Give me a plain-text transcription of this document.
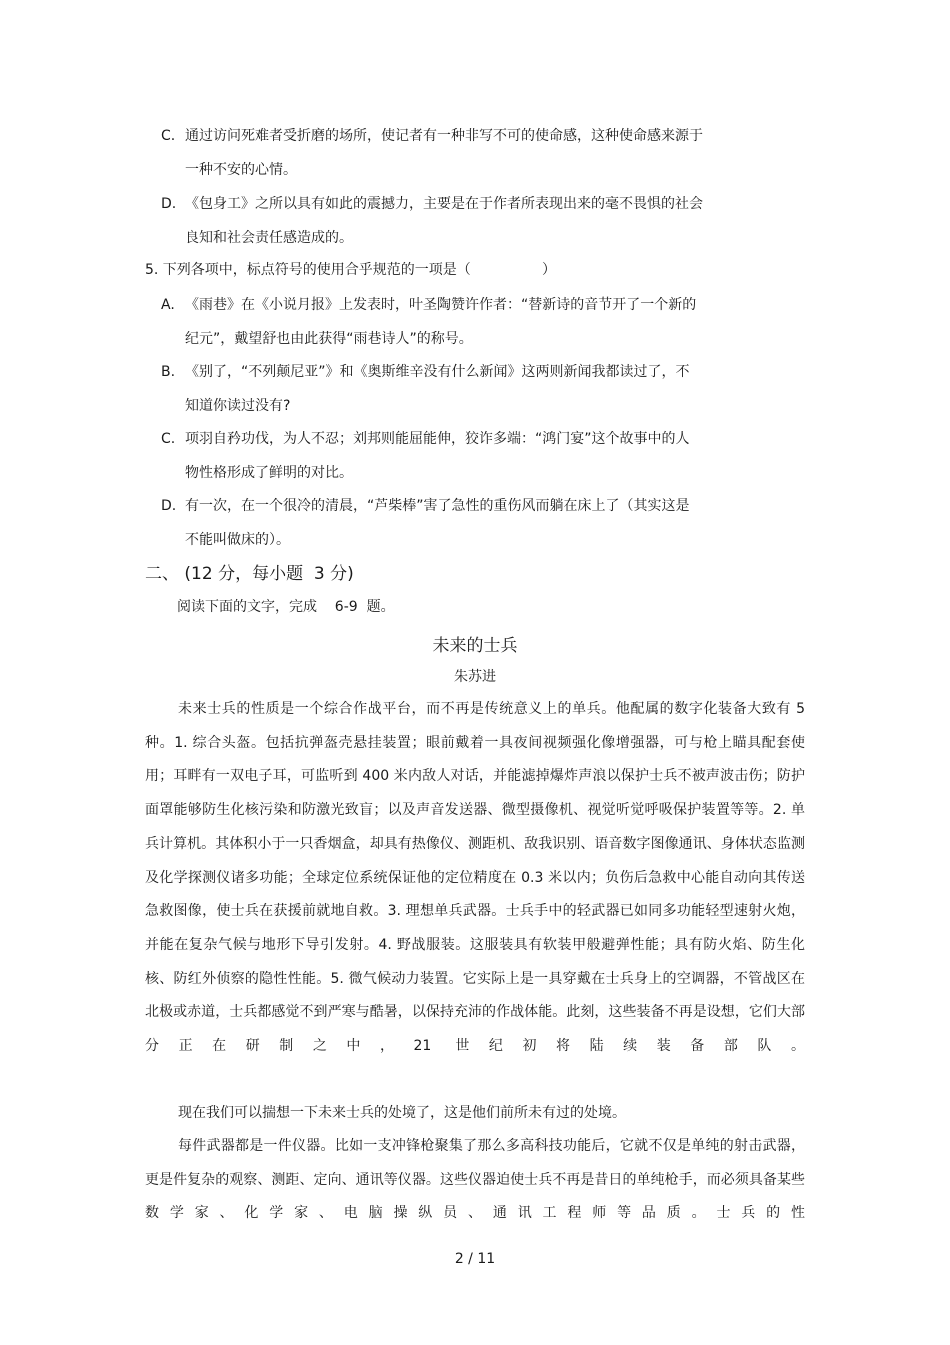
C. 通过访问死难者受折磨的场所，使记者有一种非写不可的使命感，这种使命感来源于
一种不安的心情。
D. 《包身工》之所以具有如此的震撼力，主要是在于作者所表现出来的毫不畏惧的社会
良知和社会责任感造成的。
5. 下列各项中，标点符号的使用合乎规范的一项是（                ）
A. 《雨巷》在《小说月报》上发表时，叶圣陶赞许作者：“替新诗的音节开了一个新的
纪元”，戴望舒也由此获得“雨巷诗人”的称号。
B. 《别了，“不列颠尼亚”》和《奥斯维辛没有什么新闻》这两则新闻我都读过了，不
知道你读过没有?
C. 项羽自矜功伐，为人不忍；刘邦则能屈能伸，狡诈多端：“鸿门宴”这个故事中的人
物性格形成了鲜明的对比。
D. 有一次，在一个很冷的清晨，“芦柴棒”害了急性的重伤风而躺在床上了（其实这是
不能叫做床的）。
二、 (12 分，每小题  3 分)
阅读下面的文字，完成    6-9  题。
未来的士兵
朱苏进
未来士兵的性质是一个综合作战平台，而不再是传统意义上的单兵。他配属的数字化装备大致有 5 种。1. 综合头盔。包括抗弹盔壳悬挂装置；眼前戴着一具夜间视频强化像增强器，可与枪上瞄具配套使用；耳畔有一双电子耳，可监听到 400 米内敌人对话，并能滤掉爆炸声浪以保护士兵不被声波击伤；防护面罩能够防生化核污染和防激光致盲；以及声音发送器、微型摄像机、视觉听觉呼吸保护装置等等。2. 单兵计算机。其体积小于一只香烟盒，却具有热像仪、测距机、敌我识别、语音数字图像通讯、身体状态监测及化学探测仪诸多功能；全球定位系统保证他的定位精度在 0.3 米以内；负伤后急救中心能自动向其传送急救图像，使士兵在获援前就地自救。3. 理想单兵武器。士兵手中的轻武器已如同多功能轻型速射火炮，并能在复杂气候与地形下导引发射。4. 野战服装。这服装具有软装甲般避弹性能；具有防火焰、防生化核、防红外侦察的隐性性能。5. 微气候动力装置。它实际上是一具穿戴在士兵身上的空调器，不管战区在北极或赤道，士兵都感觉不到严寒与酷暑，以保持充沛的作战体能。此刻，这些装备不再是设想，它们大部分正在研制之中，21 世纪初将陆续装备部队。
现在我们可以揣想一下未来士兵的处境了，这是他们前所未有过的处境。
每件武器都是一件仪器。比如一支冲锋枪聚集了那么多高科技功能后，它就不仅是单纯的射击武器，更是件复杂的观察、测距、定向、通讯等仪器。这些仪器迫使士兵不再是昔日的单纯枪手，而必须具备某些数学家、化学家、电脑操纵员、通讯工程师等品质。士兵的性
2 / 11
